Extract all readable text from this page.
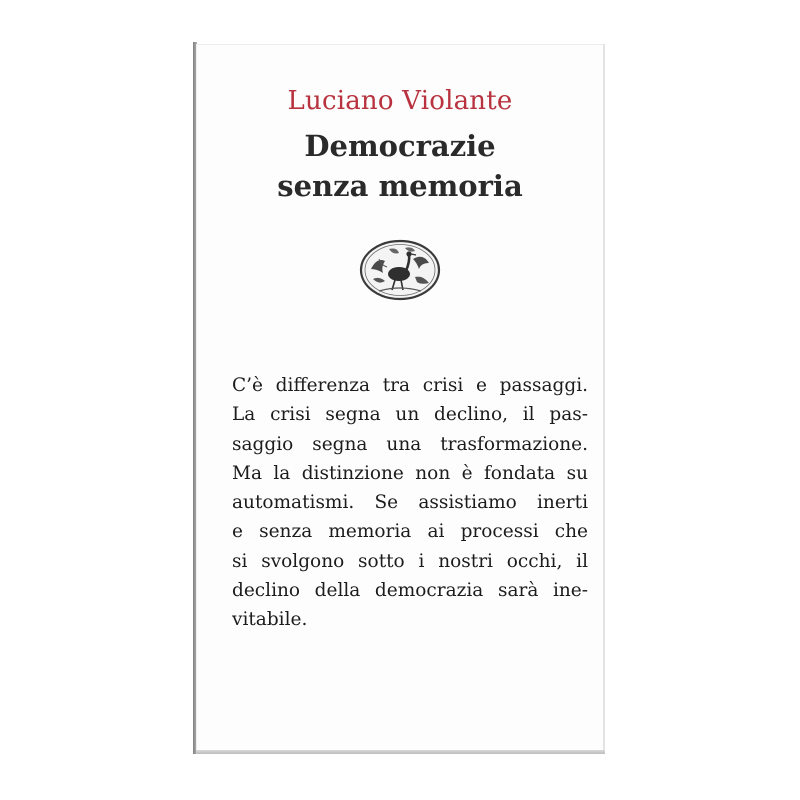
Luciano Violante

Democrazie
senza memoria

C’è differenza tra crisi e passaggi.
La crisi segna un declino, il pas-
saggio segna una trasformazione.
Ma la distinzione non è fondata su
automatismi. Se assistiamo inerti
e senza memoria ai processi che
si svolgono sotto i nostri occhi, il
declino della democrazia sarà ine-
vitabile.
